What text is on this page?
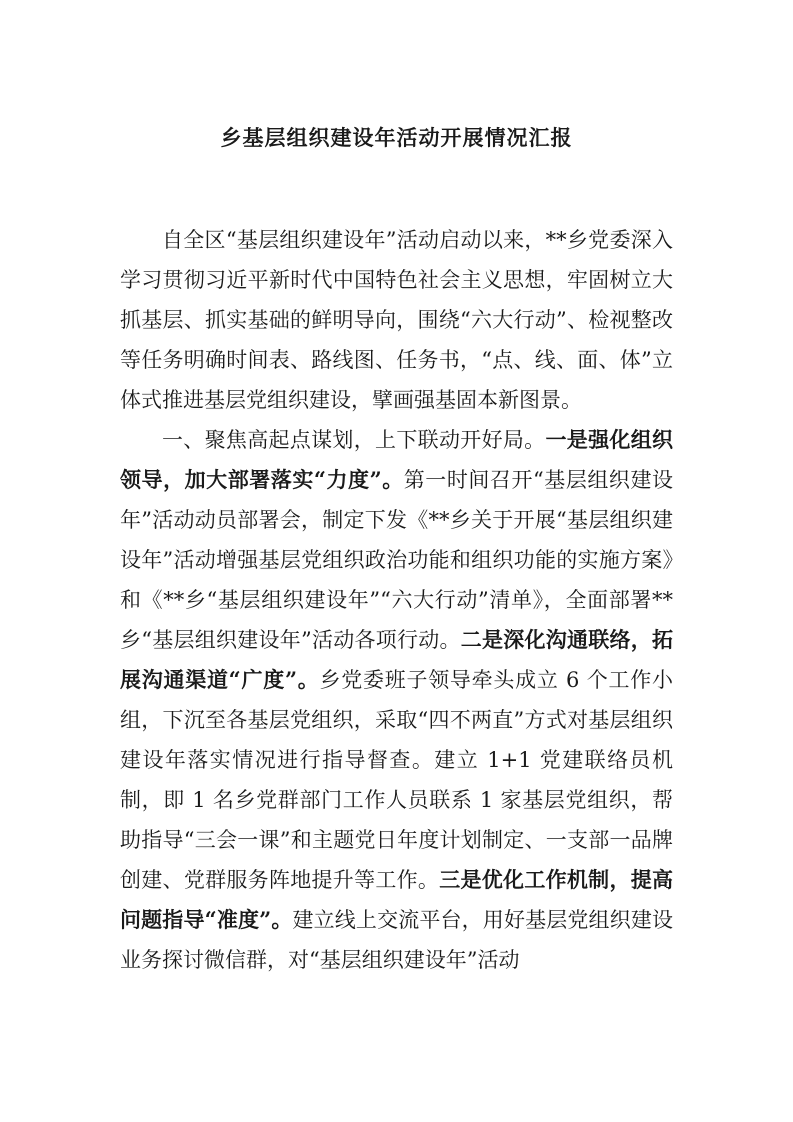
乡基层组织建设年活动开展情况汇报

自全区“基层组织建设年”活动启动以来，**乡党委深入学习贯彻习近平新时代中国特色社会主义思想，牢固树立大抓基层、抓实基础的鲜明导向，围绕“六大行动”、检视整改等任务明确时间表、路线图、任务书，“点、线、面、体”立体式推进基层党组织建设，擘画强基固本新图景。

一、聚焦高起点谋划，上下联动开好局。一是强化组织领导，加大部署落实“力度”。第一时间召开“基层组织建设年”活动动员部署会，制定下发《**乡关于开展“基层组织建设年”活动增强基层党组织政治功能和组织功能的实施方案》和《**乡“基层组织建设年”“六大行动”清单》，全面部署**乡“基层组织建设年”活动各项行动。二是深化沟通联络，拓展沟通渠道“广度”。乡党委班子领导牵头成立 6 个工作小组，下沉至各基层党组织，采取“四不两直”方式对基层组织建设年落实情况进行指导督查。建立 1+1 党建联络员机制，即 1 名乡党群部门工作人员联系 1 家基层党组织，帮助指导“三会一课”和主题党日年度计划制定、一支部一品牌创建、党群服务阵地提升等工作。三是优化工作机制，提高问题指导“准度”。建立线上交流平台，用好基层党组织建设业务探讨微信群，对“基层组织建设年”活动
